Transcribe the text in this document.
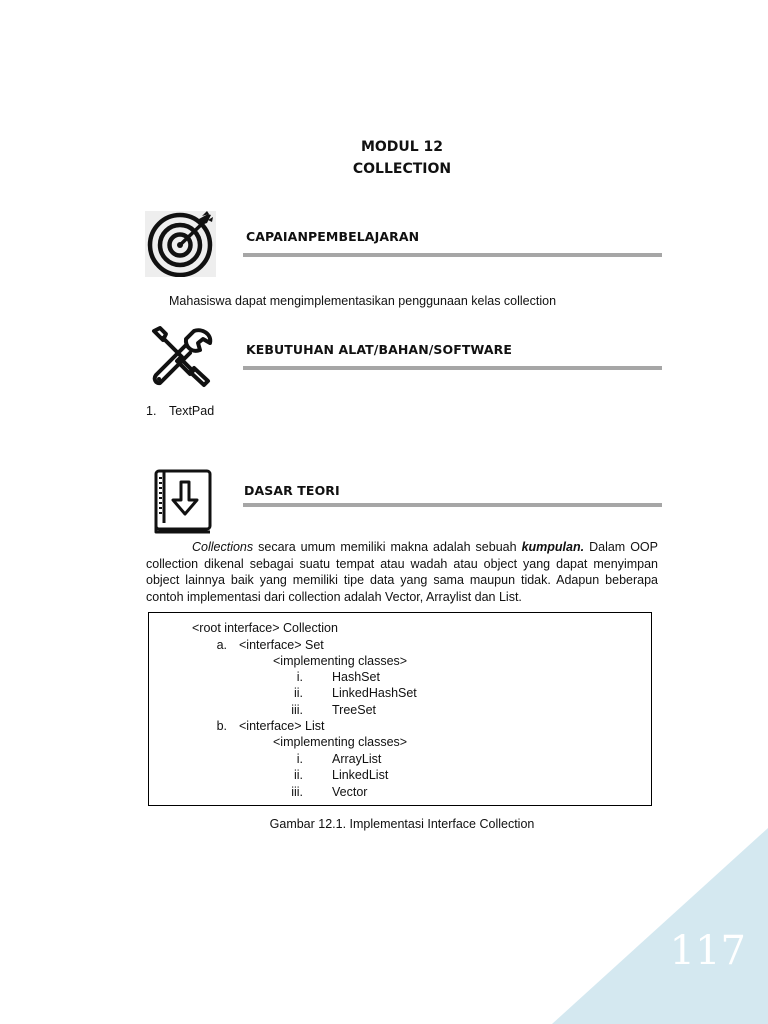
MODUL 12
COLLECTION
CAPAIANPEMBELAJARAN
Mahasiswa dapat mengimplementasikan penggunaan kelas collection
KEBUTUHAN ALAT/BAHAN/SOFTWARE
1. TextPad
DASAR TEORI
Collections secara umum memiliki makna adalah sebuah kumpulan. Dalam OOP collection dikenal sebagai suatu tempat atau wadah atau object yang dapat menyimpan object lainnya baik yang memiliki tipe data yang sama maupun tidak. Adapun beberapa contoh implementasi dari collection adalah Vector, Arraylist dan List.
<root interface> Collection
a. <interface> Set
<implementing classes>
i. HashSet
ii. LinkedHashSet
iii. TreeSet
b. <interface> List
<implementing classes>
i. ArrayList
ii. LinkedList
iii. Vector
Gambar 12.1. Implementasi Interface Collection
117
